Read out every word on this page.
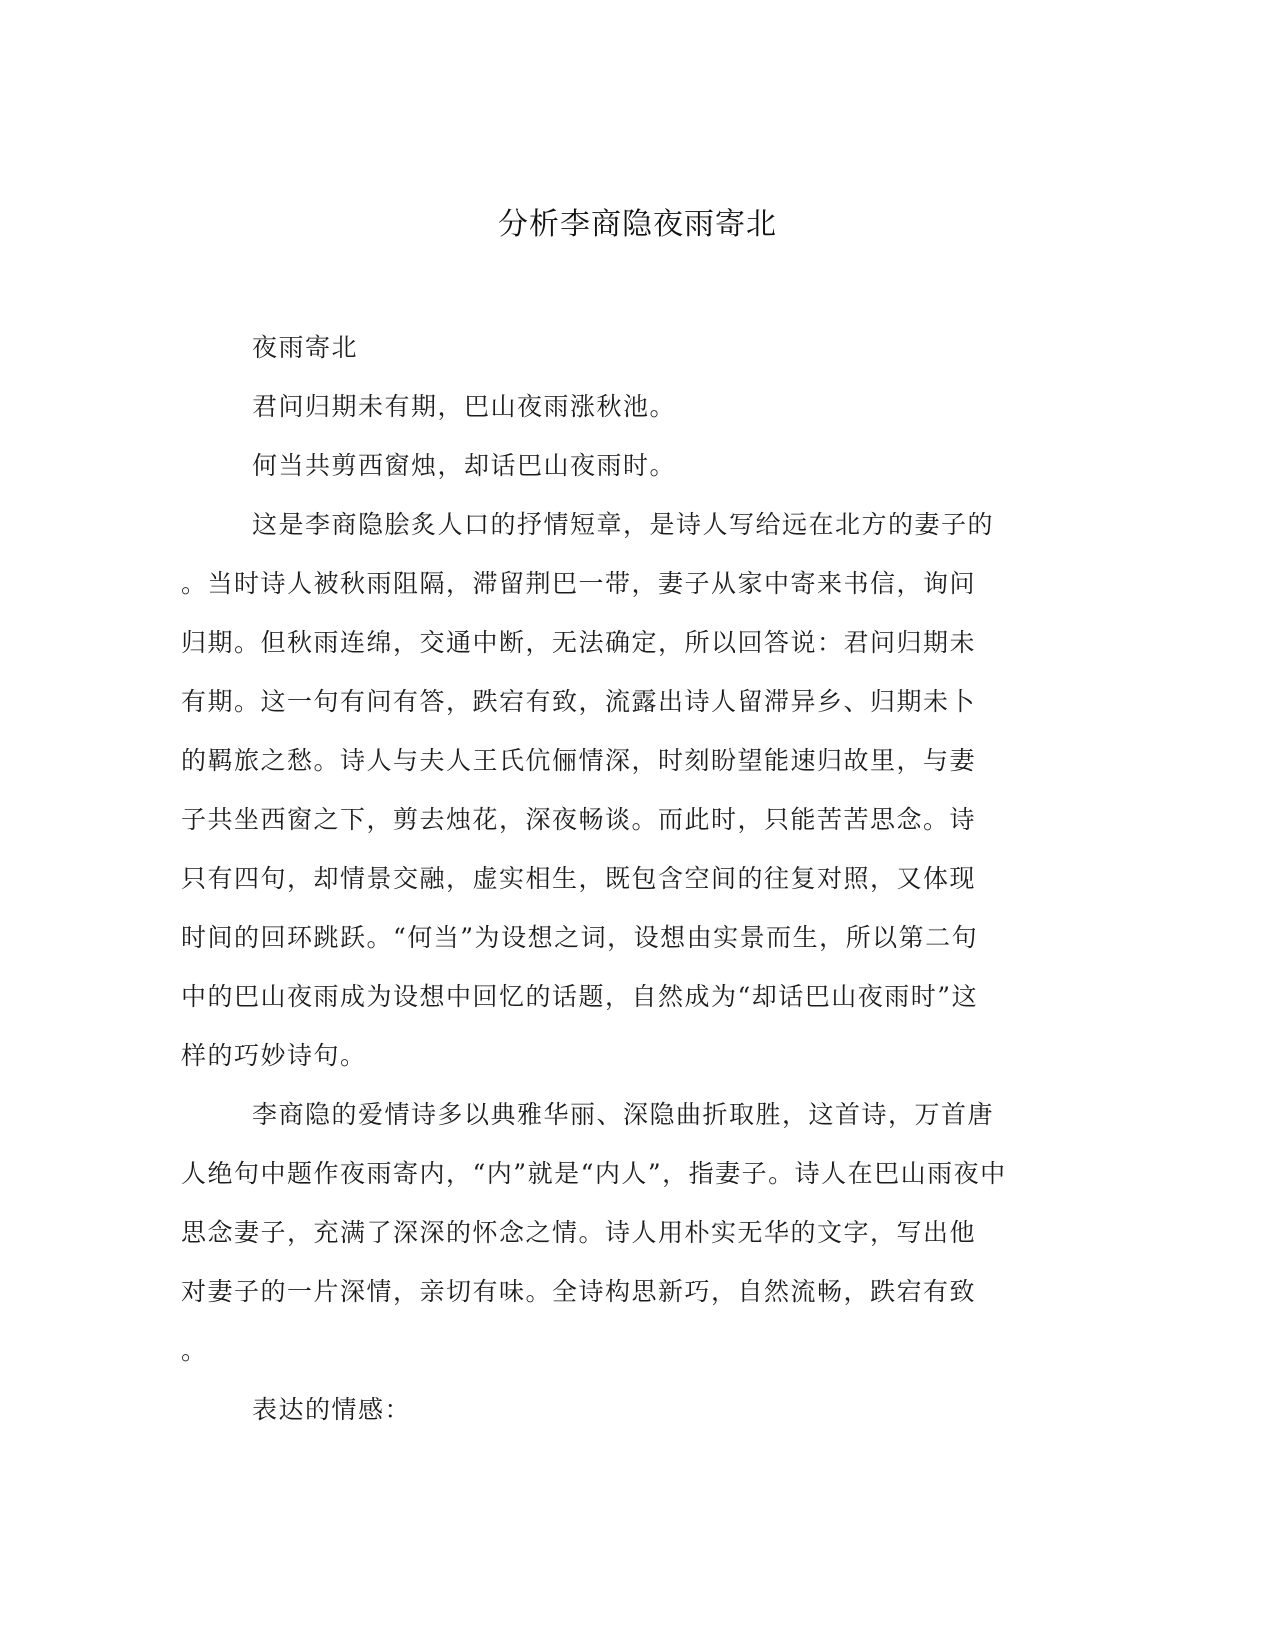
分析李商隐夜雨寄北
夜雨寄北
君问归期未有期，巴山夜雨涨秋池。
何当共剪西窗烛，却话巴山夜雨时。
这是李商隐脍炙人口的抒情短章，是诗人写给远在北方的妻子的
。当时诗人被秋雨阻隔，滞留荆巴一带，妻子从家中寄来书信，询问
归期。但秋雨连绵，交通中断，无法确定，所以回答说：君问归期未
有期。这一句有问有答，跌宕有致，流露出诗人留滞异乡、归期未卜
的羁旅之愁。诗人与夫人王氏伉俪情深，时刻盼望能速归故里，与妻
子共坐西窗之下，剪去烛花，深夜畅谈。而此时，只能苦苦思念。诗
只有四句，却情景交融，虚实相生，既包含空间的往复对照，又体现
时间的回环跳跃。“何当”为设想之词，设想由实景而生，所以第二句
中的巴山夜雨成为设想中回忆的话题，自然成为“却话巴山夜雨时”这
样的巧妙诗句。
李商隐的爱情诗多以典雅华丽、深隐曲折取胜，这首诗，万首唐
人绝句中题作夜雨寄内，“内”就是“内人”，指妻子。诗人在巴山雨夜中
思念妻子，充满了深深的怀念之情。诗人用朴实无华的文字，写出他
对妻子的一片深情，亲切有味。全诗构思新巧，自然流畅，跌宕有致
。
表达的情感：
